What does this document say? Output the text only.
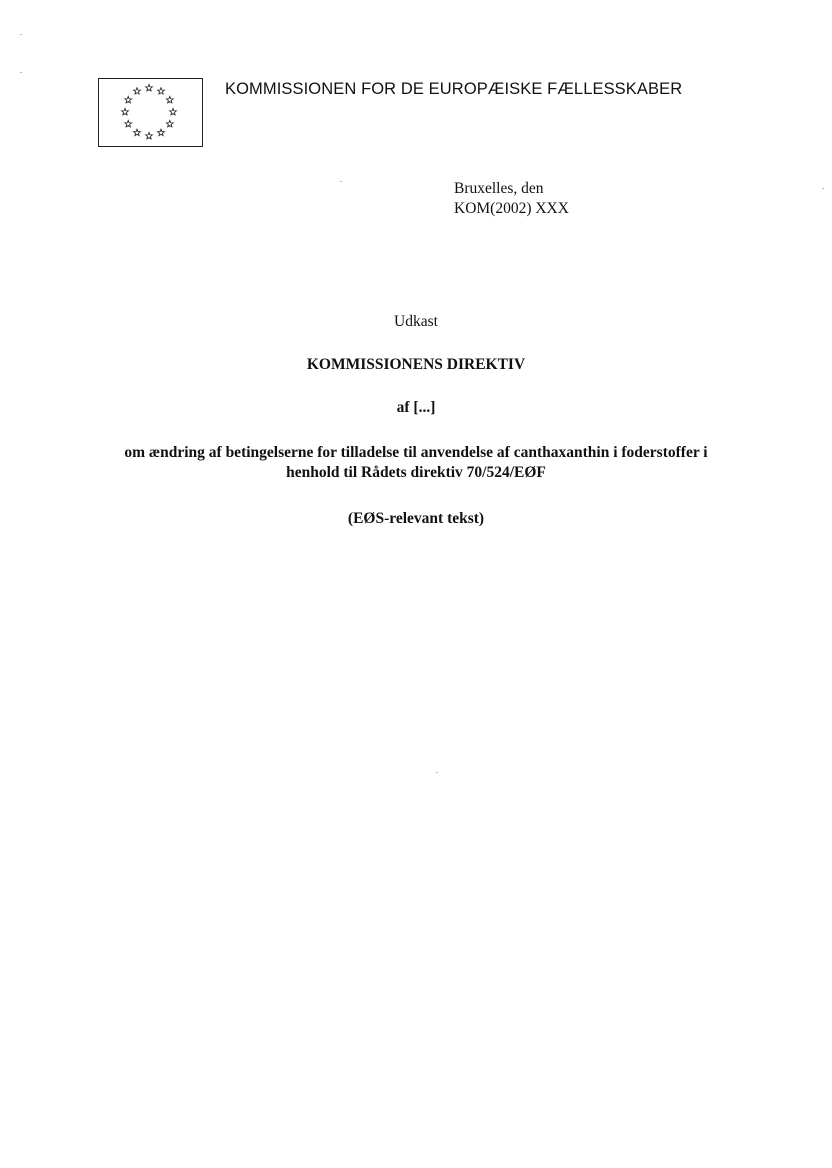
KOMMISSIONEN FOR DE EUROPÆISKE FÆLLESSKABER
Bruxelles, den
KOM(2002) XXX
Udkast
KOMMISSIONENS DIREKTIV
af [...]
om ændring af betingelserne for tilladelse til anvendelse af canthaxanthin i foderstoffer i
henhold til Rådets direktiv 70/524/EØF
(EØS-relevant tekst)
